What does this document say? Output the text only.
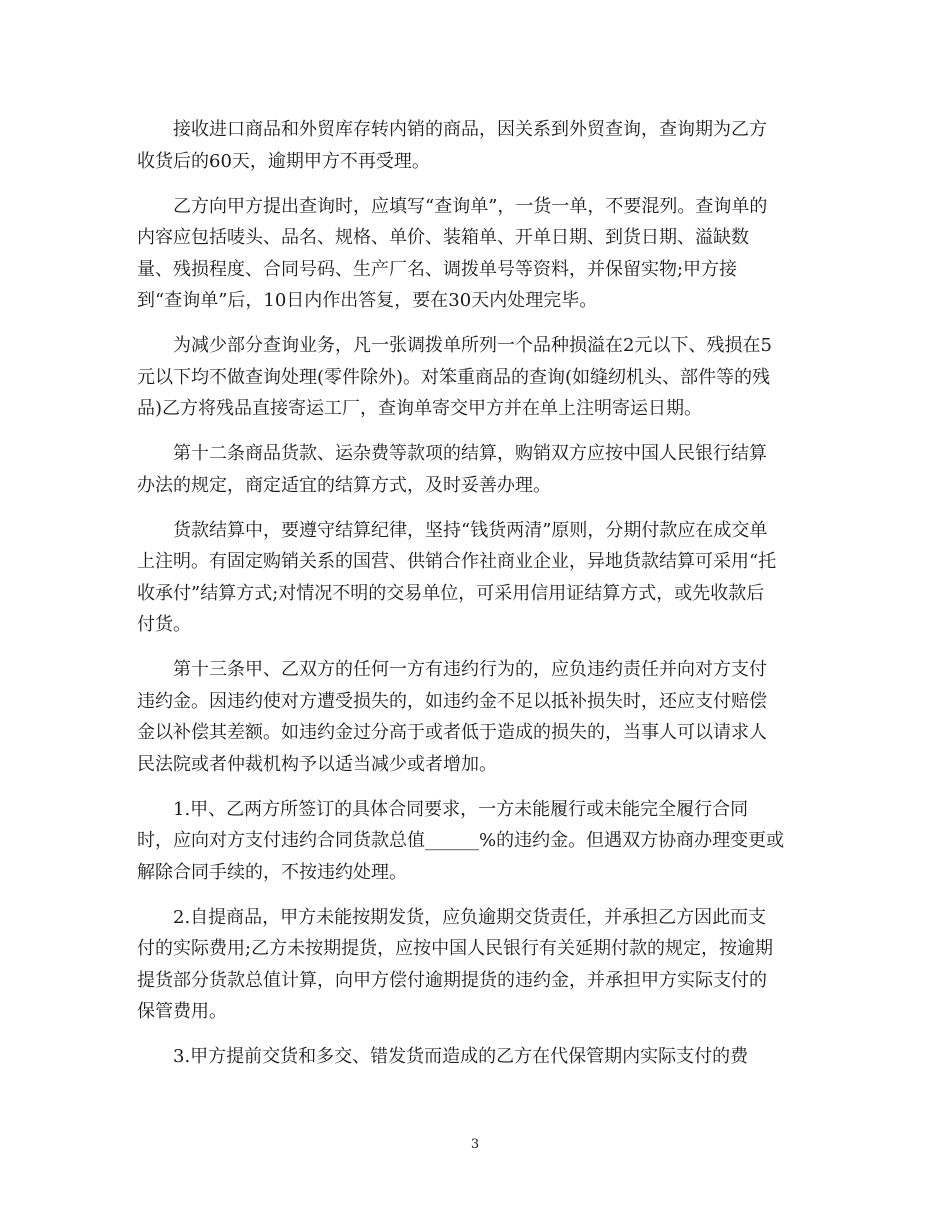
接收进口商品和外贸库存转内销的商品，因关系到外贸查询，查询期为乙方
收货后的60天，逾期甲方不再受理。

乙方向甲方提出查询时，应填写“查询单”，一货一单，不要混列。查询单的
内容应包括唛头、品名、规格、单价、装箱单、开单日期、到货日期、溢缺数
量、残损程度、合同号码、生产厂名、调拨单号等资料，并保留实物;甲方接
到“查询单”后，10日内作出答复，要在30天内处理完毕。

为减少部分查询业务，凡一张调拨单所列一个品种损溢在2元以下、残损在5
元以下均不做查询处理(零件除外)。对笨重商品的查询(如缝纫机头、部件等的残
品)乙方将残品直接寄运工厂，查询单寄交甲方并在单上注明寄运日期。

第十二条商品货款、运杂费等款项的结算，购销双方应按中国人民银行结算
办法的规定，商定适宜的结算方式，及时妥善办理。

货款结算中，要遵守结算纪律，坚持“钱货两清”原则，分期付款应在成交单
上注明。有固定购销关系的国营、供销合作社商业企业，异地货款结算可采用“托
收承付”结算方式;对情况不明的交易单位，可采用信用证结算方式，或先收款后
付货。

第十三条甲、乙双方的任何一方有违约行为的，应负违约责任并向对方支付
违约金。因违约使对方遭受损失的，如违约金不足以抵补损失时，还应支付赔偿
金以补偿其差额。如违约金过分高于或者低于造成的损失的，当事人可以请求人
民法院或者仲裁机构予以适当减少或者增加。

1.甲、乙两方所签订的具体合同要求，一方未能履行或未能完全履行合同
时，应向对方支付违约合同货款总值______%的违约金。但遇双方协商办理变更或
解除合同手续的，不按违约处理。

2.自提商品，甲方未能按期发货，应负逾期交货责任，并承担乙方因此而支
付的实际费用;乙方未按期提货，应按中国人民银行有关延期付款的规定，按逾期
提货部分货款总值计算，向甲方偿付逾期提货的违约金，并承担甲方实际支付的
保管费用。

3.甲方提前交货和多交、错发货而造成的乙方在代保管期内实际支付的费

3
